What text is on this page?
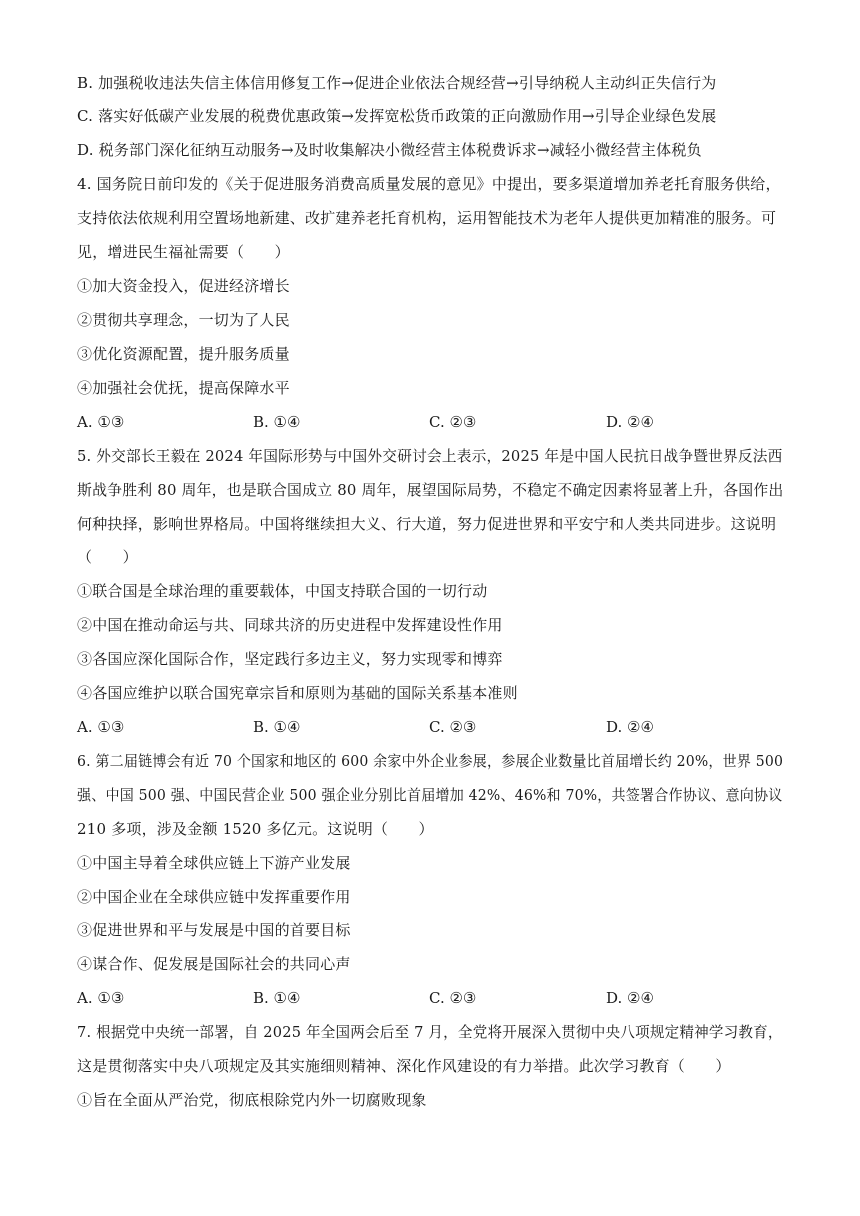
B. 加强税收违法失信主体信用修复工作→促进企业依法合规经营→引导纳税人主动纠正失信行为
C. 落实好低碳产业发展的税费优惠政策→发挥宽松货币政策的正向激励作用→引导企业绿色发展
D. 税务部门深化征纳互动服务→及时收集解决小微经营主体税费诉求→减轻小微经营主体税负
4. 国务院日前印发的《关于促进服务消费高质量发展的意见》中提出，要多渠道增加养老托育服务供给，
支持依法依规利用空置场地新建、改扩建养老托育机构，运用智能技术为老年人提供更加精准的服务。可
见，增进民生福祉需要（　　）
①加大资金投入，促进经济增长
②贯彻共享理念，一切为了人民
③优化资源配置，提升服务质量
④加强社会优抚，提高保障水平
A. ①③	B. ①④	C. ②③	D. ②④
5. 外交部长王毅在 2024 年国际形势与中国外交研讨会上表示，2025 年是中国人民抗日战争暨世界反法西
斯战争胜利 80 周年，也是联合国成立 80 周年，展望国际局势，不稳定不确定因素将显著上升，各国作出
何种抉择，影响世界格局。中国将继续担大义、行大道，努力促进世界和平安宁和人类共同进步。这说明
（　　）
①联合国是全球治理的重要载体，中国支持联合国的一切行动
②中国在推动命运与共、同球共济的历史进程中发挥建设性作用
③各国应深化国际合作，坚定践行多边主义，努力实现零和博弈
④各国应维护以联合国宪章宗旨和原则为基础的国际关系基本准则
A. ①③	B. ①④	C. ②③	D. ②④
6. 第二届链博会有近 70 个国家和地区的 600 余家中外企业参展，参展企业数量比首届增长约 20%，世界 500
强、中国 500 强、中国民营企业 500 强企业分别比首届增加 42%、46%和 70%，共签署合作协议、意向协议
210 多项，涉及金额 1520 多亿元。这说明（　　）
①中国主导着全球供应链上下游产业发展
②中国企业在全球供应链中发挥重要作用
③促进世界和平与发展是中国的首要目标
④谋合作、促发展是国际社会的共同心声
A. ①③	B. ①④	C. ②③	D. ②④
7. 根据党中央统一部署，自 2025 年全国两会后至 7 月，全党将开展深入贯彻中央八项规定精神学习教育，
这是贯彻落实中央八项规定及其实施细则精神、深化作风建设的有力举措。此次学习教育（　　）
①旨在全面从严治党，彻底根除党内外一切腐败现象
